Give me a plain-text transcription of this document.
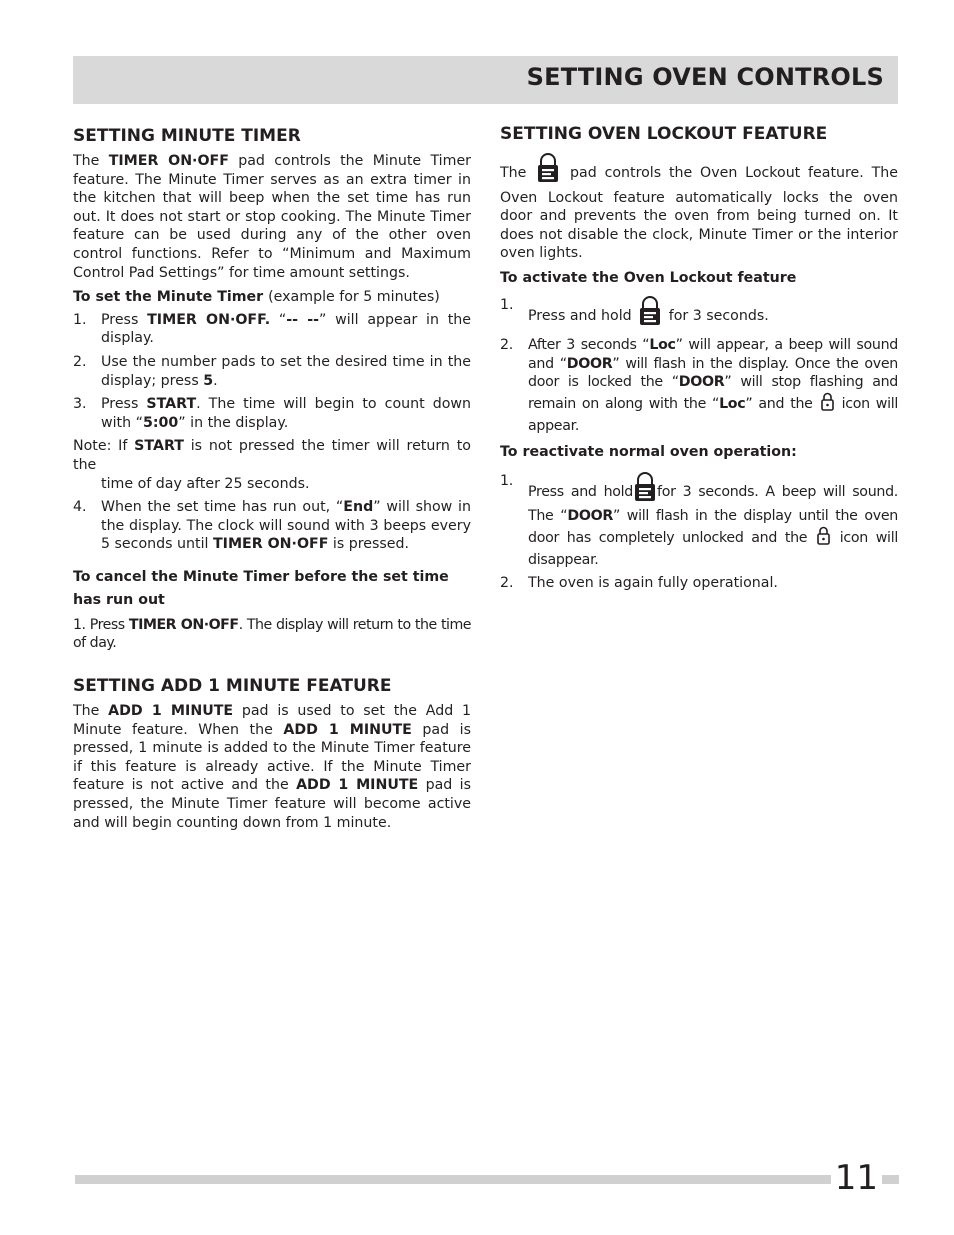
SETTING OVEN CONTROLS
SETTING MINUTE TIMER

The TIMER ON·OFF pad controls the Minute Timer feature. The Minute Timer serves as an extra timer in the kitchen that will beep when the set time has run out. It does not start or stop cooking. The Minute Timer feature can be used during any of the other oven control functions. Refer to “Minimum and Maximum Control Pad Settings” for time amount settings.

To set the Minute Timer (example for 5 minutes)
1.	Press TIMER ON·OFF. “-- --” will appear in the display.
2.	Use the number pads to set the desired time in the display; press 5.
3.	Press START. The time will begin to count down with “5:00” in the display.
Note: If START is not pressed the timer will return to the
time of day after 25 seconds.
4.	When the set time has run out, “End” will show in the display. The clock will sound with 3 beeps every 5 seconds until TIMER ON·OFF is pressed.
To cancel the Minute Timer before the set time has run out

1. Press TIMER ON·OFF. The display will return to the time of day.

SETTING ADD 1 MINUTE FEATURE

The ADD 1 MINUTE pad is used to set the Add 1 Minute feature. When the ADD 1 MINUTE pad is pressed, 1 minute is added to the Minute Timer feature if this feature is already active. If the Minute Timer feature is not active and the ADD 1 MINUTE pad is pressed, the Minute Timer feature will become active and will begin counting down from 1 minute.

SETTING OVEN LOCKOUT FEATURE

The	pad controls the Oven Lockout feature. The Oven Lockout feature automatically locks the oven door and prevents the oven from being turned on. It does not disable the clock, Minute Timer or the interior oven lights.

To activate the Oven Lockout feature
1.
Press and hold	for 3 seconds.
2.	After 3 seconds “Loc” will appear, a beep will sound and “DOOR” will flash in the display. Once the oven door is locked the “DOOR” will stop flashing and remain on along with the “Loc” and the icon will appear.
To reactivate normal oven operation:
1.
Press and hold for 3 seconds. A beep will sound. The “DOOR” will flash in the display until the oven door has completely unlocked and the icon will disappear.
2.	The oven is again fully operational.
11
